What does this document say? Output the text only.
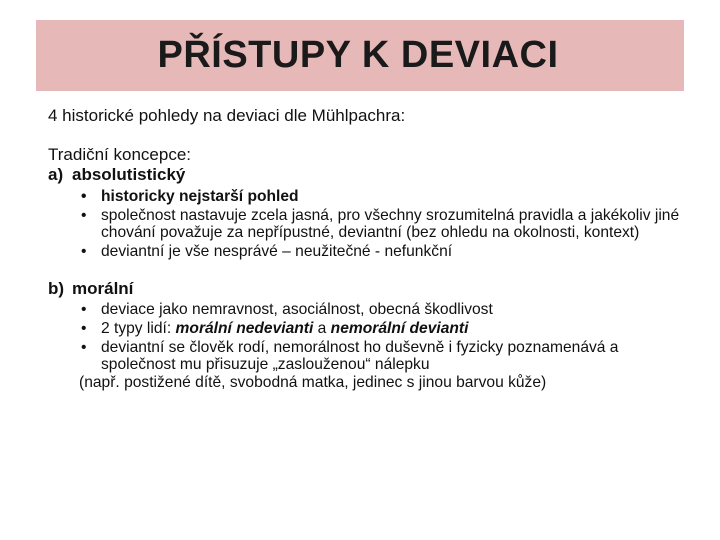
PŘÍSTUPY K DEVIACI

4 historické pohledy na deviaci dle Mühlpachra:

Tradiční koncepce:

a) absolutistický
• historicky nejstarší pohled
• společnost nastavuje zcela jasná, pro všechny srozumitelná pravidla a jakékoliv jiné chování považuje za nepřípustné, deviantní (bez ohledu na okolnosti, kontext)
• deviantní je vše nesprávé – neužitečné - nefunkční
b) morální
• deviace jako nemravnost, asociálnost, obecná škodlivost
• 2 typy lidí: morální nedevianti a nemorální devianti
• deviantní se člověk rodí, nemorálnost ho duševně i fyzicky poznamenává a společnost mu přisuzuje „zaslouženou“ nálepku

(např. postižené dítě, svobodná matka, jedinec s jinou barvou kůže)
